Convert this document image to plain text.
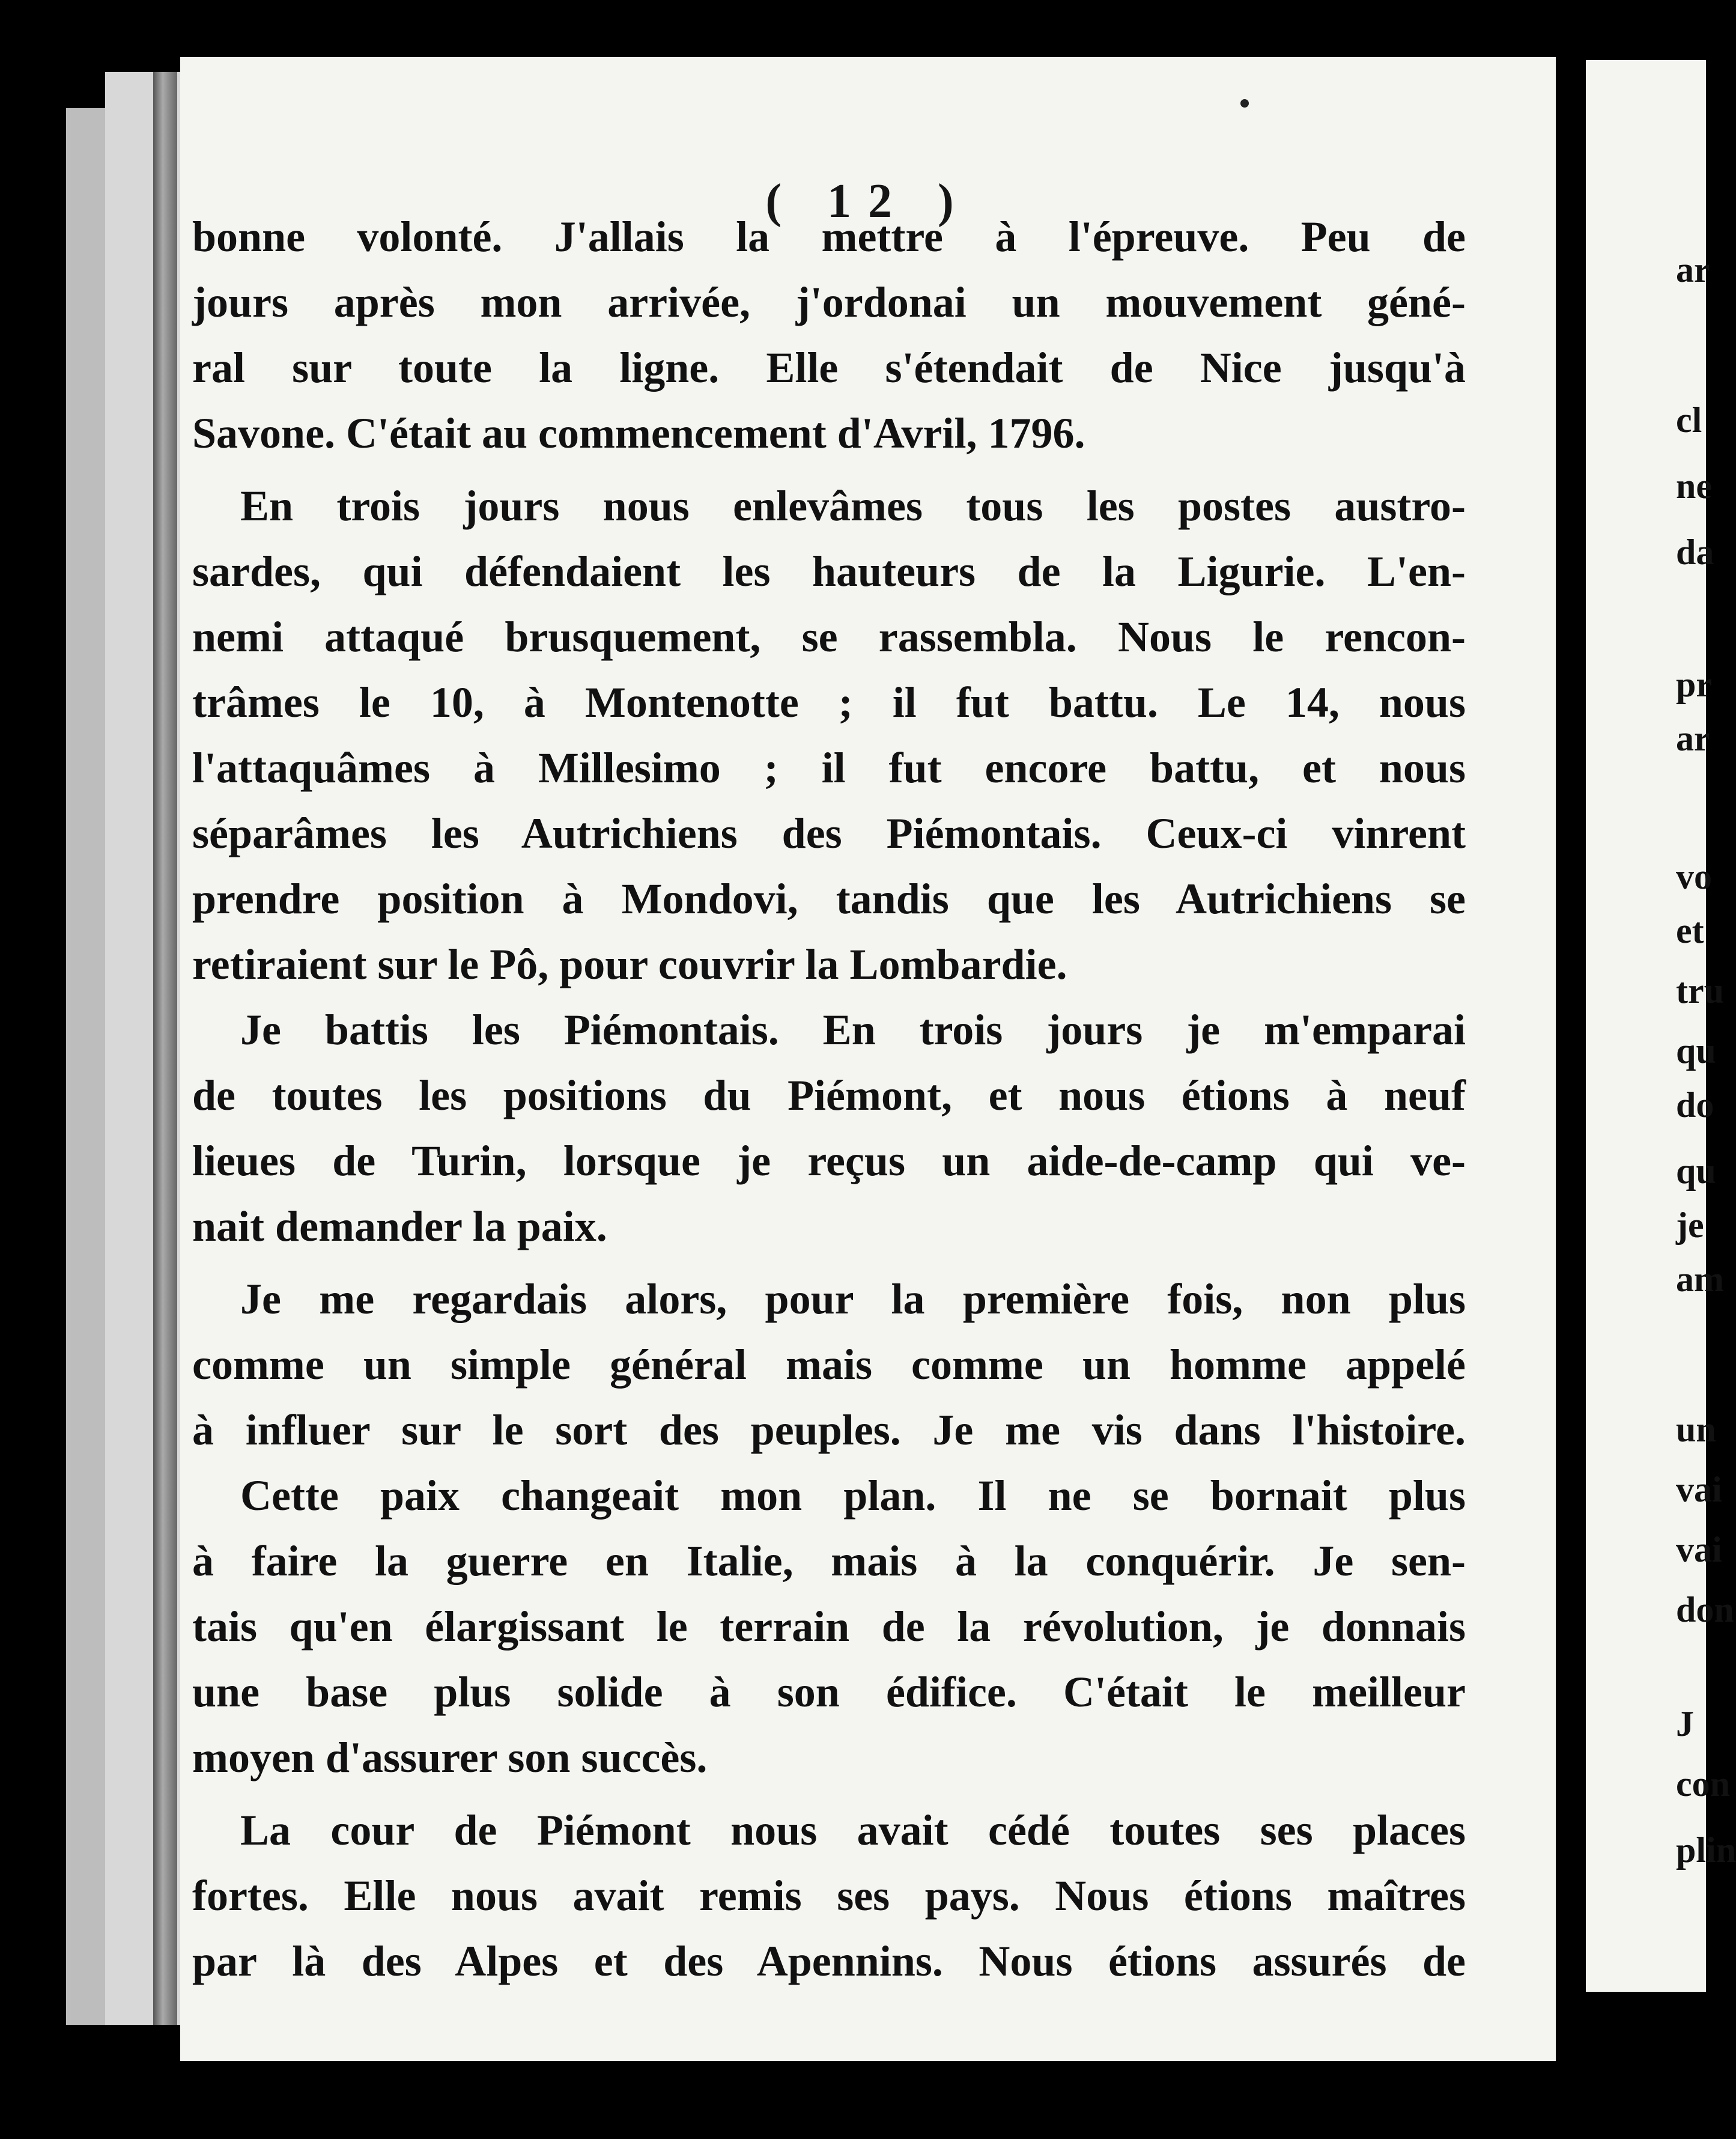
( 12 )
bonne volonté. J'allais la mettre à l'épreuve. Peu de
jours après mon arrivée, j'ordonai un mouvement géné-
ral sur toute la ligne. Elle s'étendait de Nice jusqu'à
Savone. C'était au commencement d'Avril, 1796.
En trois jours nous enlevâmes tous les postes austro-
sardes, qui défendaient les hauteurs de la Ligurie. L'en-
nemi attaqué brusquement, se rassembla. Nous le rencon-
trâmes le 10, à Montenotte ; il fut battu. Le 14, nous
l'attaquâmes à Millesimo ; il fut encore battu, et nous
séparâmes les Autrichiens des Piémontais. Ceux-ci vinrent
prendre position à Mondovi, tandis que les Autrichiens se
retiraient sur le Pô, pour couvrir la Lombardie.
Je battis les Piémontais. En trois jours je m'emparai
de toutes les positions du Piémont, et nous étions à neuf
lieues de Turin, lorsque je reçus un aide-de-camp qui ve-
nait demander la paix.
Je me regardais alors, pour la première fois, non plus
comme un simple général mais comme un homme appelé
à influer sur le sort des peuples. Je me vis dans l'histoire.
Cette paix changeait mon plan. Il ne se bornait plus
à faire la guerre en Italie, mais à la conquérir. Je sen-
tais qu'en élargissant le terrain de la révolution, je donnais
une base plus solide à son édifice. C'était le meilleur
moyen d'assurer son succès.
La cour de Piémont nous avait cédé toutes ses places
fortes. Elle nous avait remis ses pays. Nous étions maîtres
par là des Alpes et des Apennins. Nous étions assurés de
ar
cl
ne
da
pr
ar
vo
et
tru
qu
do
qu
je
am
un
vai
vai
don
J
con
plin
